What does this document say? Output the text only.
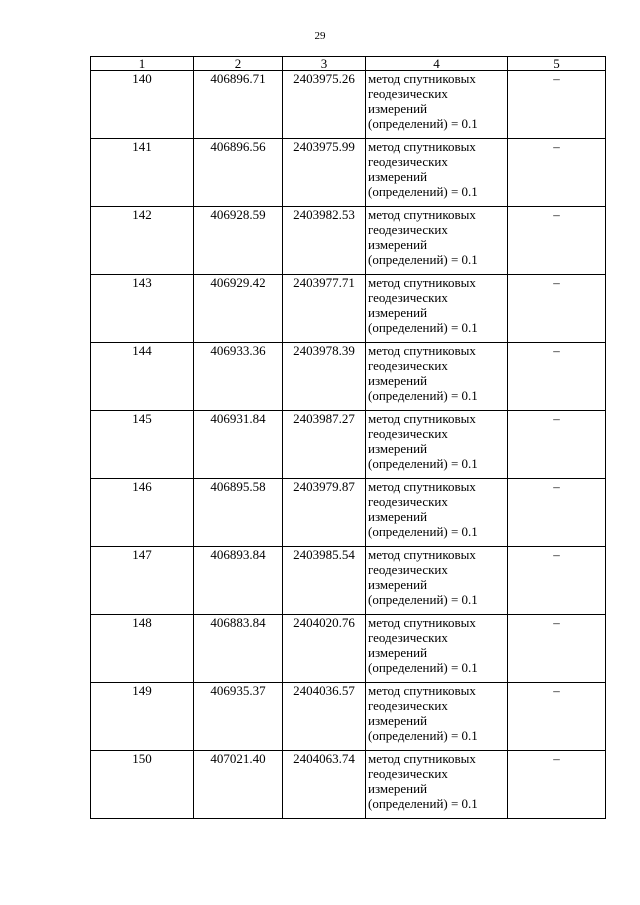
29
1	2	3	4	5
140	406896.71	2403975.26	метод спутниковых геодезических измерений (определений) = 0.1	–
141	406896.56	2403975.99	метод спутниковых геодезических измерений (определений) = 0.1	–
142	406928.59	2403982.53	метод спутниковых геодезических измерений (определений) = 0.1	–
143	406929.42	2403977.71	метод спутниковых геодезических измерений (определений) = 0.1	–
144	406933.36	2403978.39	метод спутниковых геодезических измерений (определений) = 0.1	–
145	406931.84	2403987.27	метод спутниковых геодезических измерений (определений) = 0.1	–
146	406895.58	2403979.87	метод спутниковых геодезических измерений (определений) = 0.1	–
147	406893.84	2403985.54	метод спутниковых геодезических измерений (определений) = 0.1	–
148	406883.84	2404020.76	метод спутниковых геодезических измерений (определений) = 0.1	–
149	406935.37	2404036.57	метод спутниковых геодезических измерений (определений) = 0.1	–
150	407021.40	2404063.74	метод спутниковых геодезических измерений (определений) = 0.1	–
